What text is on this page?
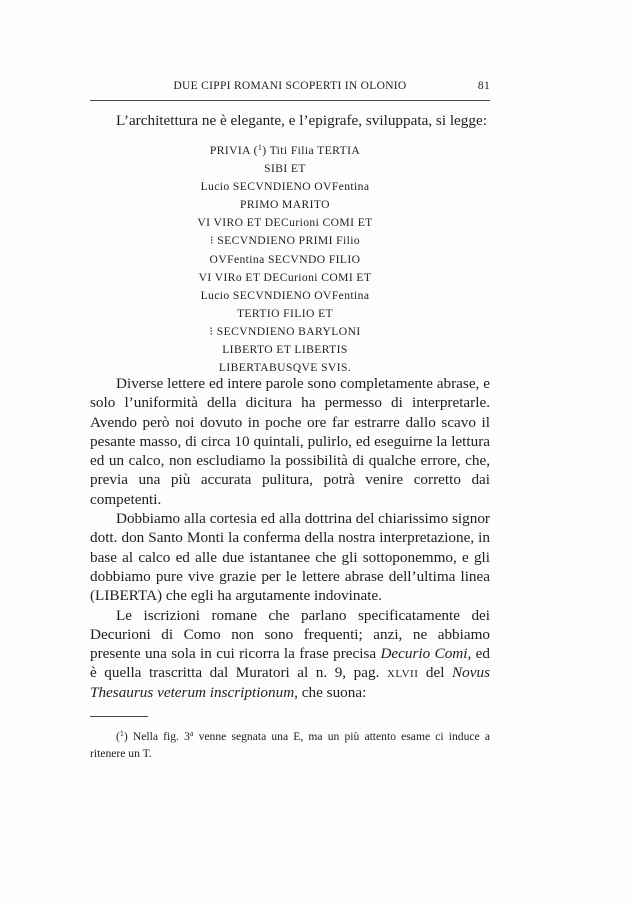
DUE CIPPI ROMANI SCOPERTI IN OLONIO	81
L’architettura ne è elegante, e l’epigrafe, sviluppata, si legge:
PRIVIA ($^1$) Titi Filia TERTIA
SIBI ET
Lucio SECVNDIENO OVFentina
PRIMO MARITO
VI VIRO ET DECurioni COMI ET
⁝ SECVNDIENO PRIMI Filio
OVFentina SECVNDO FILIO
VI VIRo ET DECurioni COMI ET
Lucio SECVNDIENO OVFentina
TERTIO FILIO ET
⁝ SECVNDIENO BARYLONI
LIBERTO ET LIBERTIS
LIBERTABUSQVE SVIS.

Diverse lettere ed intere parole sono completamente abrase, e solo l’uniformità della dicitura ha permesso di interpretarle. Avendo però noi dovuto in poche ore far estrarre dallo scavo il pesante masso, di circa 10 quintali, pulirlo, ed eseguirne la lettura ed un calco, non escludiamo la possibilità di qualche errore, che, previa una più accurata pulitura, potrà venire corretto dai competenti.

Dobbiamo alla cortesia ed alla dottrina del chiarissimo signor dott. don Santo Monti la conferma della nostra interpretazione, in base al calco ed alle due istantanee che gli sottoponemmo, e gli dobbiamo pure vive grazie per le lettere abrase dell’ultima linea (LIBERTA) che egli ha argutamente indovinate.

Le iscrizioni romane che parlano specificatamente dei Decurioni di Como non sono frequenti; anzi, ne abbiamo presente una sola in cui ricorra la frase precisa Decurio Comi, ed è quella trascritta dal Muratori al n. 9, pag. xlvii del Novus Thesaurus veterum inscriptionum, che suona:

($^1$) Nella fig. 3$^a$ venne segnata una E, ma un più attento esame ci induce a ritenere un T.
